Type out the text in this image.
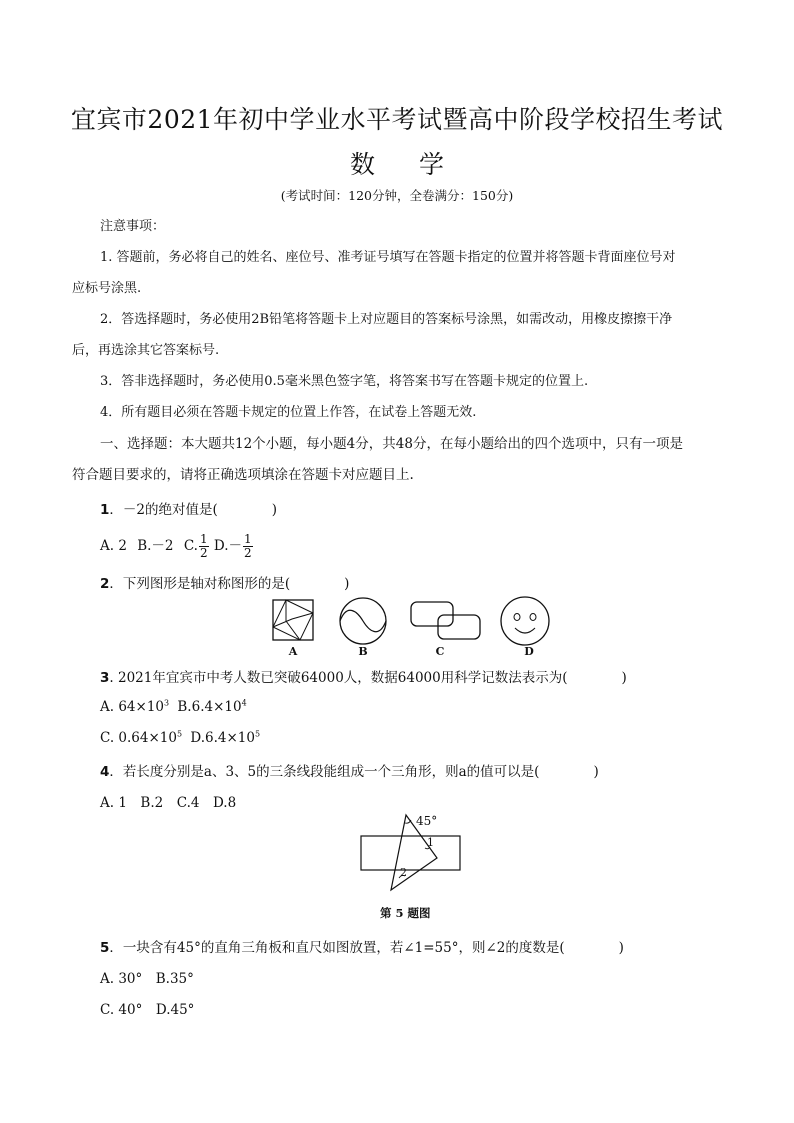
宜宾市2021年初中学业水平考试暨高中阶段学校招生考试
数 学
(考试时间：120分钟，全卷满分：150分)
注意事项：
1. 答题前，务必将自己的姓名、座位号、准考证号填写在答题卡指定的位置并将答题卡背面座位号对
应标号涂黑.
2．答选择题时，务必使用2B铅笔将答题卡上对应题目的答案标号涂黑，如需改动，用橡皮擦擦干净
后，再选涂其它答案标号.
3．答非选择题时，务必使用0.5毫米黑色签字笔，将答案书写在答题卡规定的位置上.
4．所有题目必须在答题卡规定的位置上作答，在试卷上答题无效.
一、选择题：本大题共12个小题，每小题4分，共48分，在每小题给出的四个选项中，只有一项是
符合题目要求的，请将正确选项填涂在答题卡对应题目上.
1．－2的绝对值是(　　　　)
A. 2 B.－2 C. $\frac{1}{2} D.- \frac{1}{2}$
2．下列图形是轴对称图形的是(　　　　)
A	B	C	D
3. 2021年宜宾市中考人数已突破64000人，数据64000用科学记数法表示为(　　　　)
A. $64\times 10^3$ $B.6.4\times 10^4$
C. $0.64\times 10^5$ $D.6.4\times 10^5$
4．若长度分别是a、3、5的三条线段能组成一个三角形，则a的值可以是(　　　　)
A. 1　B.2　C.4　D.8
45°
1
2
第 5 题图
5．一块含有45°的直角三角板和直尺如图放置，若∠1=55°，则∠2的度数是(　　　　)
A. 30°　B.35°
C. 40°　D.45°
